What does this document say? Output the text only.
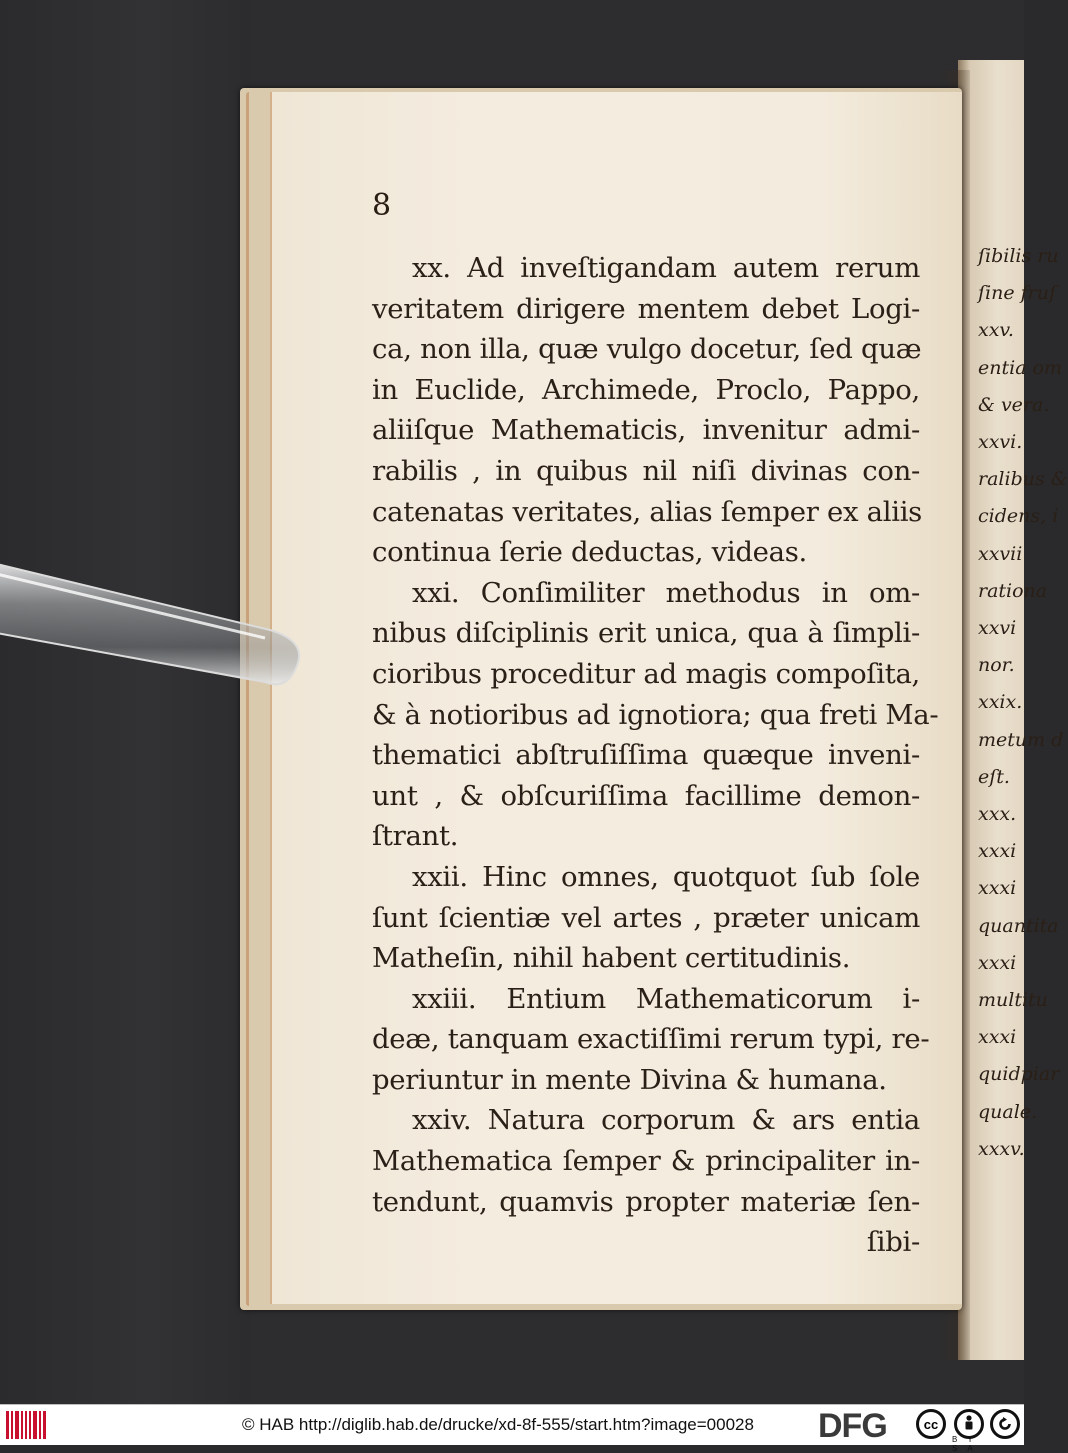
ſibilis ru
ſine fruſ
xxv.
entia om
& vera.
xxvi.
ralibus &
cidens, i
xxvii
rationa
xxvi
nor.
xxix.
metum d
eſt.
xxx.
xxxi
xxxi
quantita
xxxi
multitu
xxxi
quidpiar
quale.
xxxv.
8
xx. Ad inveſtigandam autem rerum
veritatem dirigere mentem debet Logi-
ca, non illa, quæ vulgo docetur, ſed quæ
in Euclide, Archimede, Proclo, Pappo,
aliiſque Mathematicis, invenitur admi-
rabilis , in quibus nil niſi divinas con-
catenatas veritates, alias ſemper ex aliis
continua ſerie deductas, videas.
xxi. Conſimiliter methodus in om-
nibus diſciplinis erit unica, qua à ſimpli-
cioribus proceditur ad magis compoſita,
& à notioribus ad ignotiora; qua freti Ma-
thematici abſtruſiſſima quæque inveni-
unt , & obſcuriſſima facillime demon-
ſtrant.
xxii. Hinc omnes, quotquot ſub ſole
ſunt ſcientiæ vel artes , præter unicam
Matheſin, nihil habent certitudinis.
xxiii. Entium Mathematicorum i-
deæ, tanquam exactiſſimi rerum typi, re-
periuntur in mente Divina & humana.
xxiv. Natura corporum & ars entia
Mathematica ſemper & principaliter in-
tendunt, quamvis propter materiæ ſen-
ſibi-
© HAB http://diglib.hab.de/drucke/xd-8f-555/start.htm?image=00028 DFG	cc
BY SA
